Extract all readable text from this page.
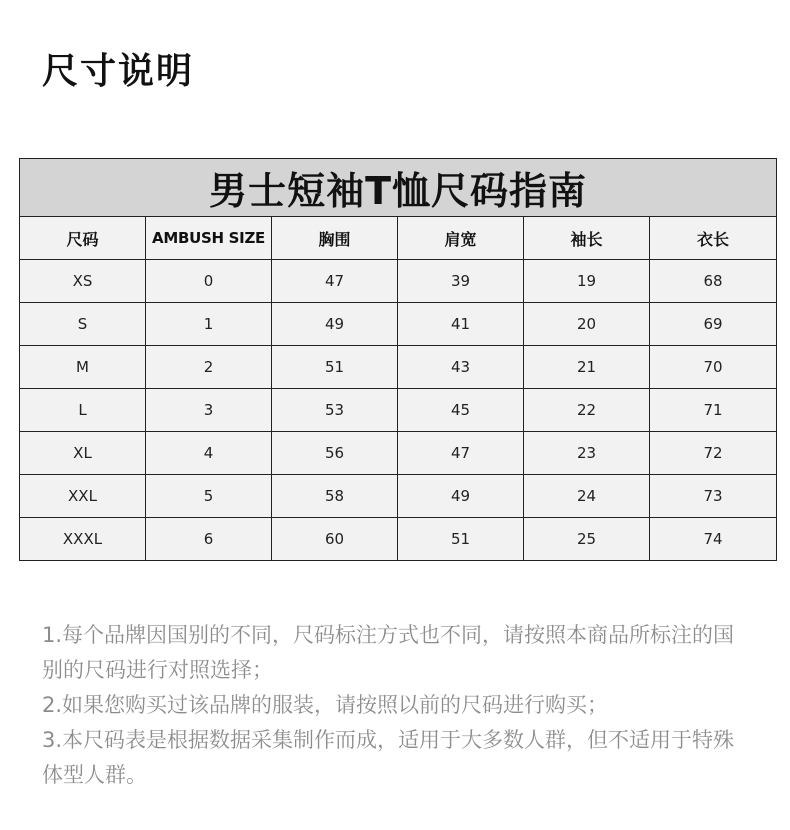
尺寸说明
男士短袖T恤尺码指南					
尺码	AMBUSH SIZE	胸围	肩宽	袖长	衣长
XS	0	47	39	19	68
S	1	49	41	20	69
M	2	51	43	21	70
L	3	53	45	22	71
XL	4	56	47	23	72
XXL	5	58	49	24	73
XXXL	6	60	51	25	74

1.每个品牌因国别的不同，尺码标注方式也不同，请按照本商品所标注的国别的尺码进行对照选择；

2.如果您购买过该品牌的服装，请按照以前的尺码进行购买；

3.本尺码表是根据数据采集制作而成，适用于大多数人群，但不适用于特殊体型人群。
